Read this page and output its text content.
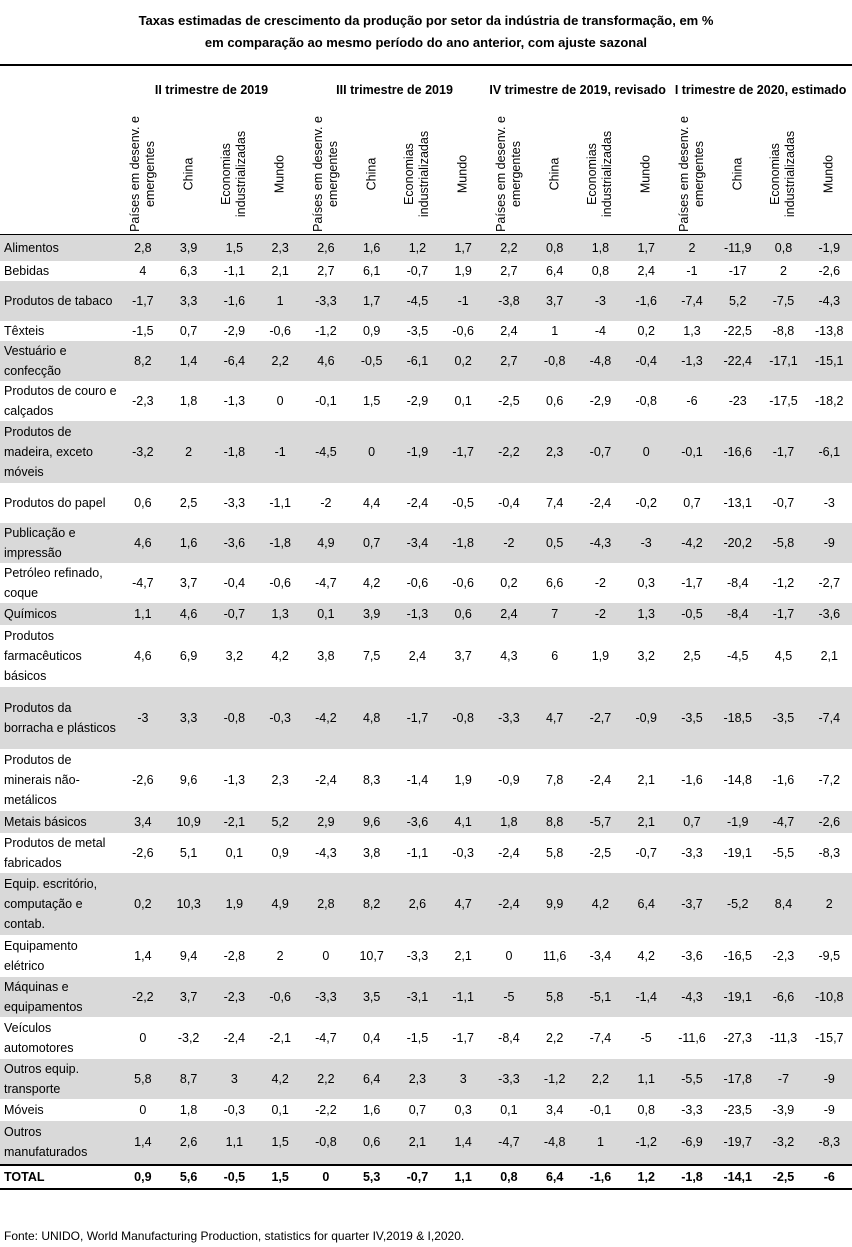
Taxas estimadas de crescimento da produção por setor da indústria de transformação, em %
em comparação ao mesmo período do ano anterior, com ajuste sazonal
	II trimestre de 2019				III trimestre de 2019				IV trimestre de 2019, revisado				I trimestre de 2020, estimado			

	Países em desenv. e emergentes	China	Economias industrializadas	Mundo	Países em desenv. e emergentes	China	Economias industrializadas	Mundo	Países em desenv. e emergentes	China	Economias industrializadas	Mundo	Países em desenv. e emergentes	China	Economias industrializadas	Mundo

Alimentos	2,8	3,9	1,5	2,3	2,6	1,6	1,2	1,7	2,2	0,8	1,8	1,7	2	-11,9	0,8	-1,9
Bebidas	4	6,3	-1,1	2,1	2,7	6,1	-0,7	1,9	2,7	6,4	0,8	2,4	-1	-17	2	-2,6
Produtos de tabaco	-1,7	3,3	-1,6	1	-3,3	1,7	-4,5	-1	-3,8	3,7	-3	-1,6	-7,4	5,2	-7,5	-4,3
Têxteis	-1,5	0,7	-2,9	-0,6	-1,2	0,9	-3,5	-0,6	2,4	1	-4	0,2	1,3	-22,5	-8,8	-13,8
Vestuário e confecção	8,2	1,4	-6,4	2,2	4,6	-0,5	-6,1	0,2	2,7	-0,8	-4,8	-0,4	-1,3	-22,4	-17,1	-15,1
Produtos de couro e calçados	-2,3	1,8	-1,3	0	-0,1	1,5	-2,9	0,1	-2,5	0,6	-2,9	-0,8	-6	-23	-17,5	-18,2
Produtos de madeira, exceto móveis	-3,2	2	-1,8	-1	-4,5	0	-1,9	-1,7	-2,2	2,3	-0,7	0	-0,1	-16,6	-1,7	-6,1
Produtos do papel	0,6	2,5	-3,3	-1,1	-2	4,4	-2,4	-0,5	-0,4	7,4	-2,4	-0,2	0,7	-13,1	-0,7	-3
Publicação e impressão	4,6	1,6	-3,6	-1,8	4,9	0,7	-3,4	-1,8	-2	0,5	-4,3	-3	-4,2	-20,2	-5,8	-9
Petróleo refinado, coque	-4,7	3,7	-0,4	-0,6	-4,7	4,2	-0,6	-0,6	0,2	6,6	-2	0,3	-1,7	-8,4	-1,2	-2,7
Químicos	1,1	4,6	-0,7	1,3	0,1	3,9	-1,3	0,6	2,4	7	-2	1,3	-0,5	-8,4	-1,7	-3,6
Produtos farmacêuticos básicos	4,6	6,9	3,2	4,2	3,8	7,5	2,4	3,7	4,3	6	1,9	3,2	2,5	-4,5	4,5	2,1
Produtos da borracha e plásticos	-3	3,3	-0,8	-0,3	-4,2	4,8	-1,7	-0,8	-3,3	4,7	-2,7	-0,9	-3,5	-18,5	-3,5	-7,4
Produtos de minerais não-metálicos	-2,6	9,6	-1,3	2,3	-2,4	8,3	-1,4	1,9	-0,9	7,8	-2,4	2,1	-1,6	-14,8	-1,6	-7,2
Metais básicos	3,4	10,9	-2,1	5,2	2,9	9,6	-3,6	4,1	1,8	8,8	-5,7	2,1	0,7	-1,9	-4,7	-2,6
Produtos de metal fabricados	-2,6	5,1	0,1	0,9	-4,3	3,8	-1,1	-0,3	-2,4	5,8	-2,5	-0,7	-3,3	-19,1	-5,5	-8,3
Equip. escritório, computação e contab.	0,2	10,3	1,9	4,9	2,8	8,2	2,6	4,7	-2,4	9,9	4,2	6,4	-3,7	-5,2	8,4	2
Equipamento elétrico	1,4	9,4	-2,8	2	0	10,7	-3,3	2,1	0	11,6	-3,4	4,2	-3,6	-16,5	-2,3	-9,5
Máquinas e equipamentos	-2,2	3,7	-2,3	-0,6	-3,3	3,5	-3,1	-1,1	-5	5,8	-5,1	-1,4	-4,3	-19,1	-6,6	-10,8
Veículos automotores	0	-3,2	-2,4	-2,1	-4,7	0,4	-1,5	-1,7	-8,4	2,2	-7,4	-5	-11,6	-27,3	-11,3	-15,7
Outros equip. transporte	5,8	8,7	3	4,2	2,2	6,4	2,3	3	-3,3	-1,2	2,2	1,1	-5,5	-17,8	-7	-9
Móveis	0	1,8	-0,3	0,1	-2,2	1,6	0,7	0,3	0,1	3,4	-0,1	0,8	-3,3	-23,5	-3,9	-9
Outros manufaturados	1,4	2,6	1,1	1,5	-0,8	0,6	2,1	1,4	-4,7	-4,8	1	-1,2	-6,9	-19,7	-3,2	-8,3
TOTAL	0,9	5,6	-0,5	1,5	0	5,3	-0,7	1,1	0,8	6,4	-1,6	1,2	-1,8	-14,1	-2,5	-6
Fonte: UNIDO, World Manufacturing Production, statistics for quarter IV,2019 & I,2020.
